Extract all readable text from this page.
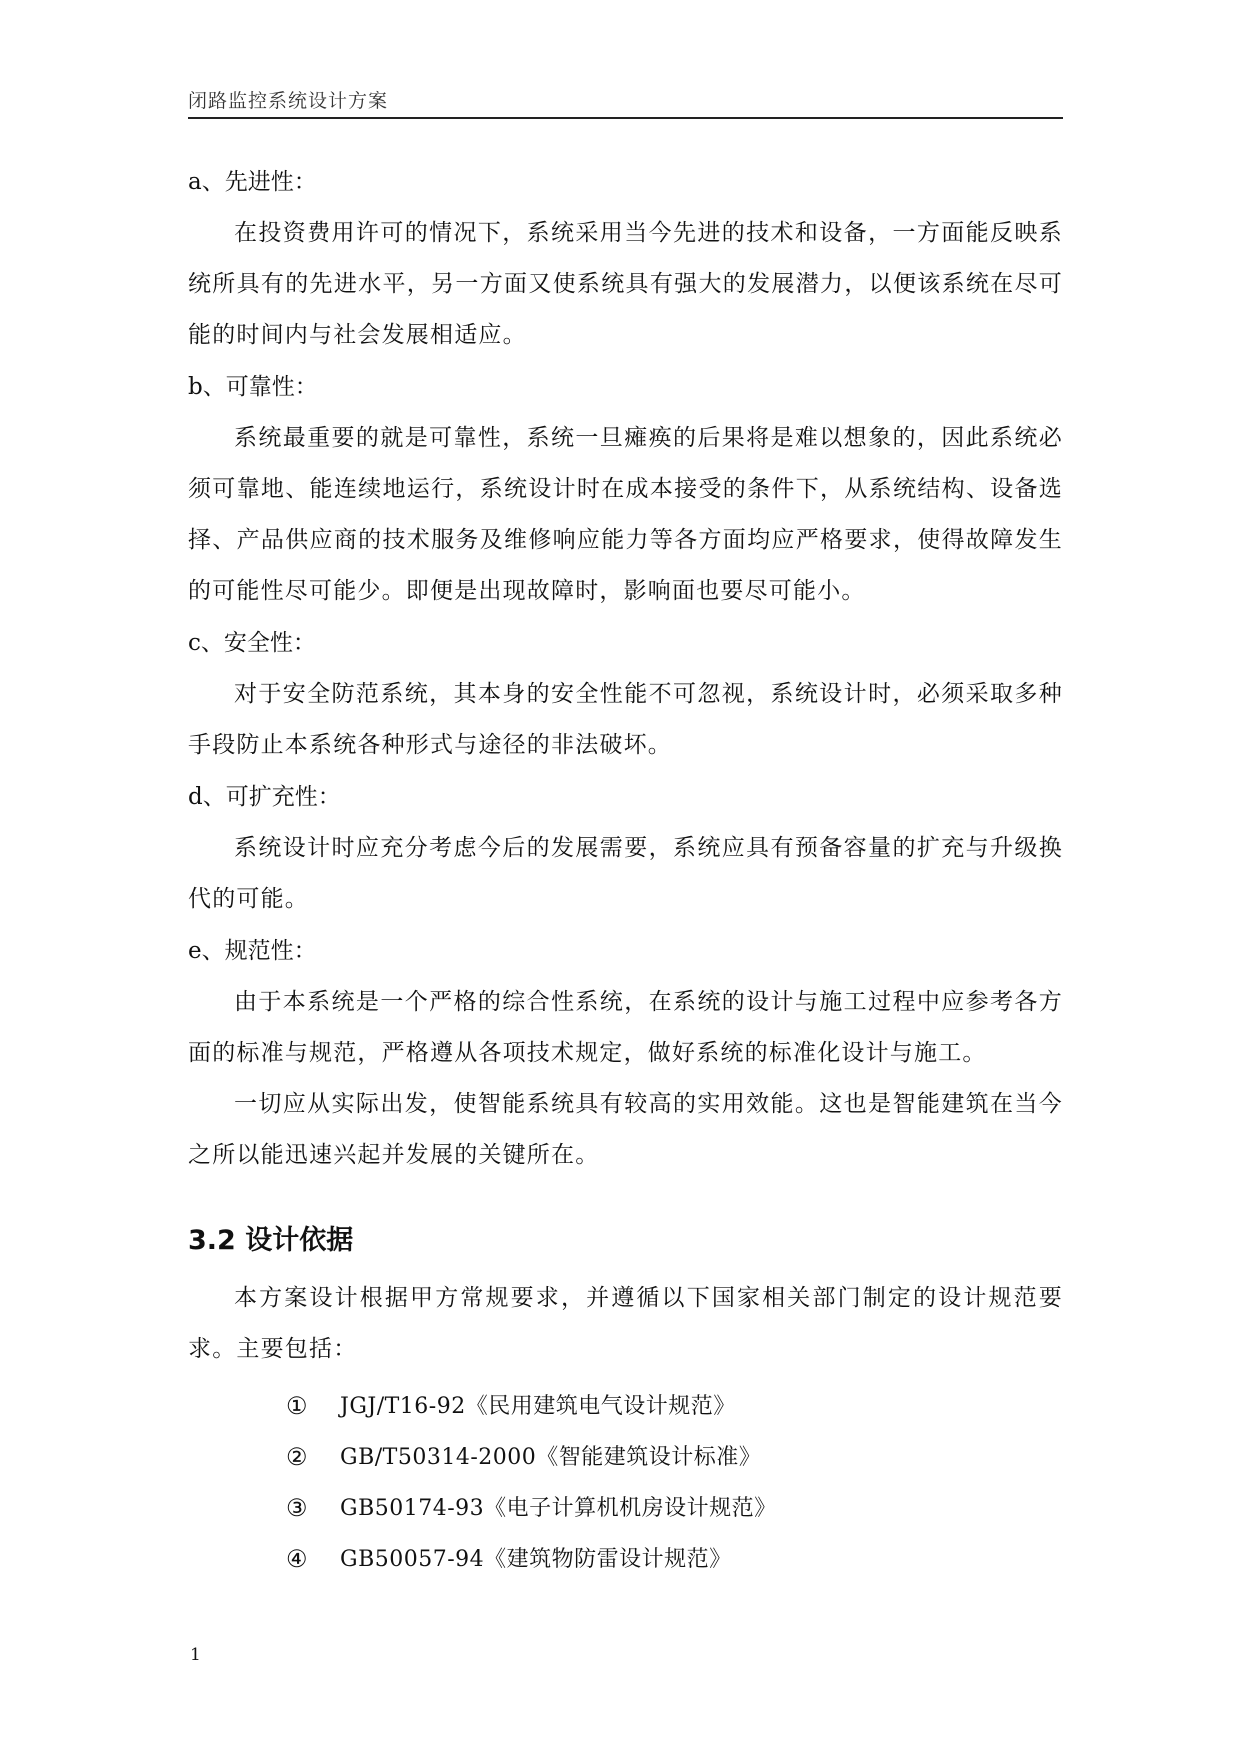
闭路监控系统设计方案

a、先进性：

在投资费用许可的情况下，系统采用当今先进的技术和设备，一方面能反映系统所具有的先进水平，另一方面又使系统具有强大的发展潜力，以便该系统在尽可能的时间内与社会发展相适应。

b、可靠性：

系统最重要的就是可靠性，系统一旦瘫痪的后果将是难以想象的，因此系统必须可靠地、能连续地运行，系统设计时在成本接受的条件下，从系统结构、设备选择、产品供应商的技术服务及维修响应能力等各方面均应严格要求，使得故障发生的可能性尽可能少。即便是出现故障时，影响面也要尽可能小。

c、安全性：

对于安全防范系统，其本身的安全性能不可忽视，系统设计时，必须采取多种手段防止本系统各种形式与途径的非法破坏。

d、可扩充性：

系统设计时应充分考虑今后的发展需要，系统应具有预备容量的扩充与升级换代的可能。

e、规范性：

由于本系统是一个严格的综合性系统，在系统的设计与施工过程中应参考各方面的标准与规范，严格遵从各项技术规定，做好系统的标准化设计与施工。

一切应从实际出发，使智能系统具有较高的实用效能。这也是智能建筑在当今之所以能迅速兴起并发展的关键所在。

3.2 设计依据

本方案设计根据甲方常规要求，并遵循以下国家相关部门制定的设计规范要求。主要包括：

①	JGJ/T16-92《民用建筑电气设计规范》
②	GB/T50314-2000《智能建筑设计标准》
③	GB50174-93《电子计算机机房设计规范》
④	GB50057-94《建筑物防雷设计规范》
1
